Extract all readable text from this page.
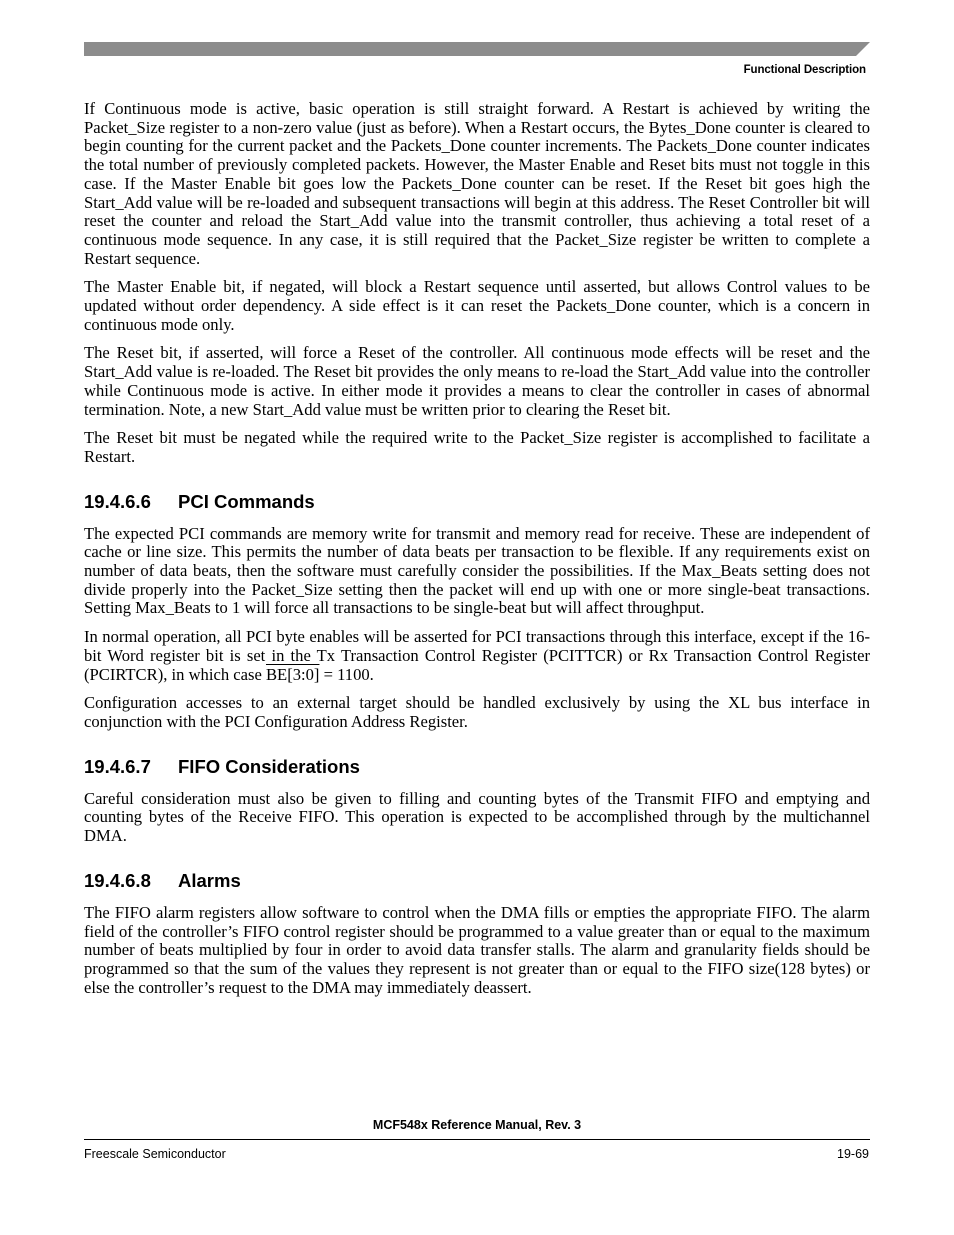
Functional Description

If Continuous mode is active, basic operation is still straight forward. A Restart is achieved by writing the Packet_Size register to a non-zero value (just as before). When a Restart occurs, the Bytes_Done counter is cleared to begin counting for the current packet and the Packets_Done counter increments. The Packets_Done counter indicates the total number of previously completed packets. However, the Master Enable and Reset bits must not toggle in this case. If the Master Enable bit goes low the Packets_Done counter can be reset. If the Reset bit goes high the Start_Add value will be re-loaded and subsequent transactions will begin at this address. The Reset Controller bit will reset the counter and reload the Start_Add value into the transmit controller, thus achieving a total reset of a continuous mode sequence. In any case, it is still required that the Packet_Size register be written to complete a Restart sequence.

The Master Enable bit, if negated, will block a Restart sequence until asserted, but allows Control values to be updated without order dependency. A side effect is it can reset the Packets_Done counter, which is a concern in continuous mode only.

The Reset bit, if asserted, will force a Reset of the controller. All continuous mode effects will be reset and the Start_Add value is re-loaded. The Reset bit provides the only means to re-load the Start_Add value into the controller while Continuous mode is active. In either mode it provides a means to clear the controller in cases of abnormal termination. Note, a new Start_Add value must be written prior to clearing the Reset bit.

The Reset bit must be negated while the required write to the Packet_Size register is accomplished to facilitate a Restart.

19.4.6.6 PCI Commands

The expected PCI commands are memory write for transmit and memory read for receive. These are independent of cache or line size. This permits the number of data beats per transaction to be flexible. If any requirements exist on number of data beats, then the software must carefully consider the possibilities. If the Max_Beats setting does not divide properly into the Packet_Size setting then the packet will end up with one or more single-beat transactions. Setting Max_Beats to 1 will force all transactions to be single-beat but will affect throughput.

In normal operation, all PCI byte enables will be asserted for PCI transactions through this interface, except if the 16-bit Word register bit is set in the Tx Transaction Control Register (PCITTCR) or Rx Transaction Control Register (PCIRTCR), in which case BE[3:0] = 1100.

Configuration accesses to an external target should be handled exclusively by using the XL bus interface in conjunction with the PCI Configuration Address Register.

19.4.6.7 FIFO Considerations

Careful consideration must also be given to filling and counting bytes of the Transmit FIFO and emptying and counting bytes of the Receive FIFO. This operation is expected to be accomplished through by the multichannel DMA.

19.4.6.8 Alarms

The FIFO alarm registers allow software to control when the DMA fills or empties the appropriate FIFO. The alarm field of the controller’s FIFO control register should be programmed to a value greater than or equal to the maximum number of beats multiplied by four in order to avoid data transfer stalls. The alarm and granularity fields should be programmed so that the sum of the values they represent is not greater than or equal to the FIFO size(128 bytes) or else the controller’s request to the DMA may immediately deassert.

MCF548x Reference Manual, Rev. 3
Freescale Semiconductor	19-69
